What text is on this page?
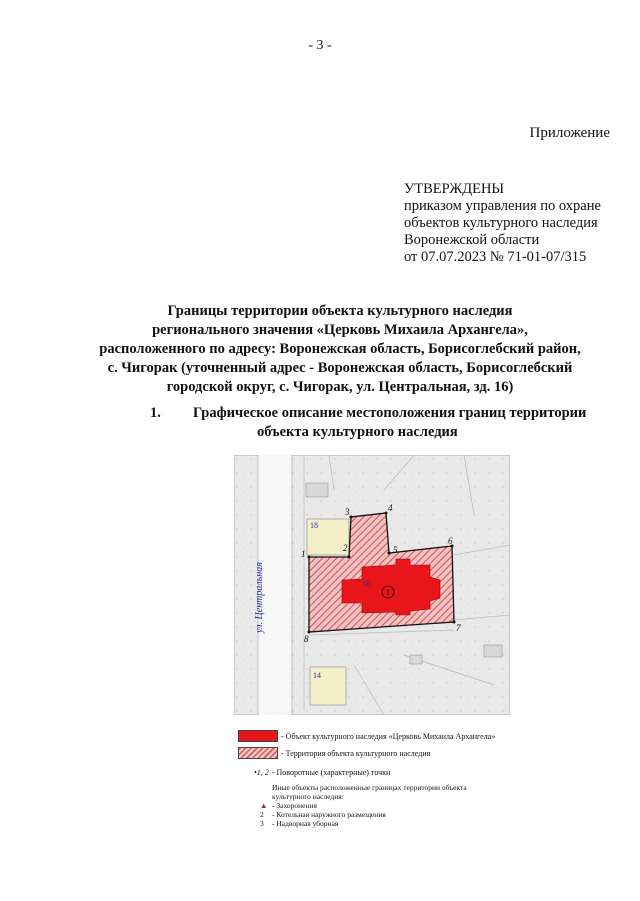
- 3 -
Приложение
УТВЕРЖДЕНЫ
приказом управления по охране
объектов культурного наследия
Воронежской области
от 07.07.2023 № 71-01-07/315
Границы территории объекта культурного наследия
регионального значения «Церковь Михаила Архангела»,
расположенного по адресу: Воронежская область, Борисоглебский район,
с. Чигорак (уточненный адрес - Воронежская область, Борисоглебский
городской округ, с. Чигорак, ул. Центральная, зд. 16)
1. Графическое описание местоположения границ территории
объекта культурного наследия
18
14
16
1
1
2
3	4
5
6
7
8
ул. Центральная
- Объект культурного наследия «Церковь Михаила Архангела»
- Территория объекта культурного наследия
•1, 2 - Поворотные (характерные) точки
Иные объекты расположенные границах территории объекта
культурного наследия:
▲ - Захоронения
2 - Котельная наружного размещения
3 - Надворная уборная
